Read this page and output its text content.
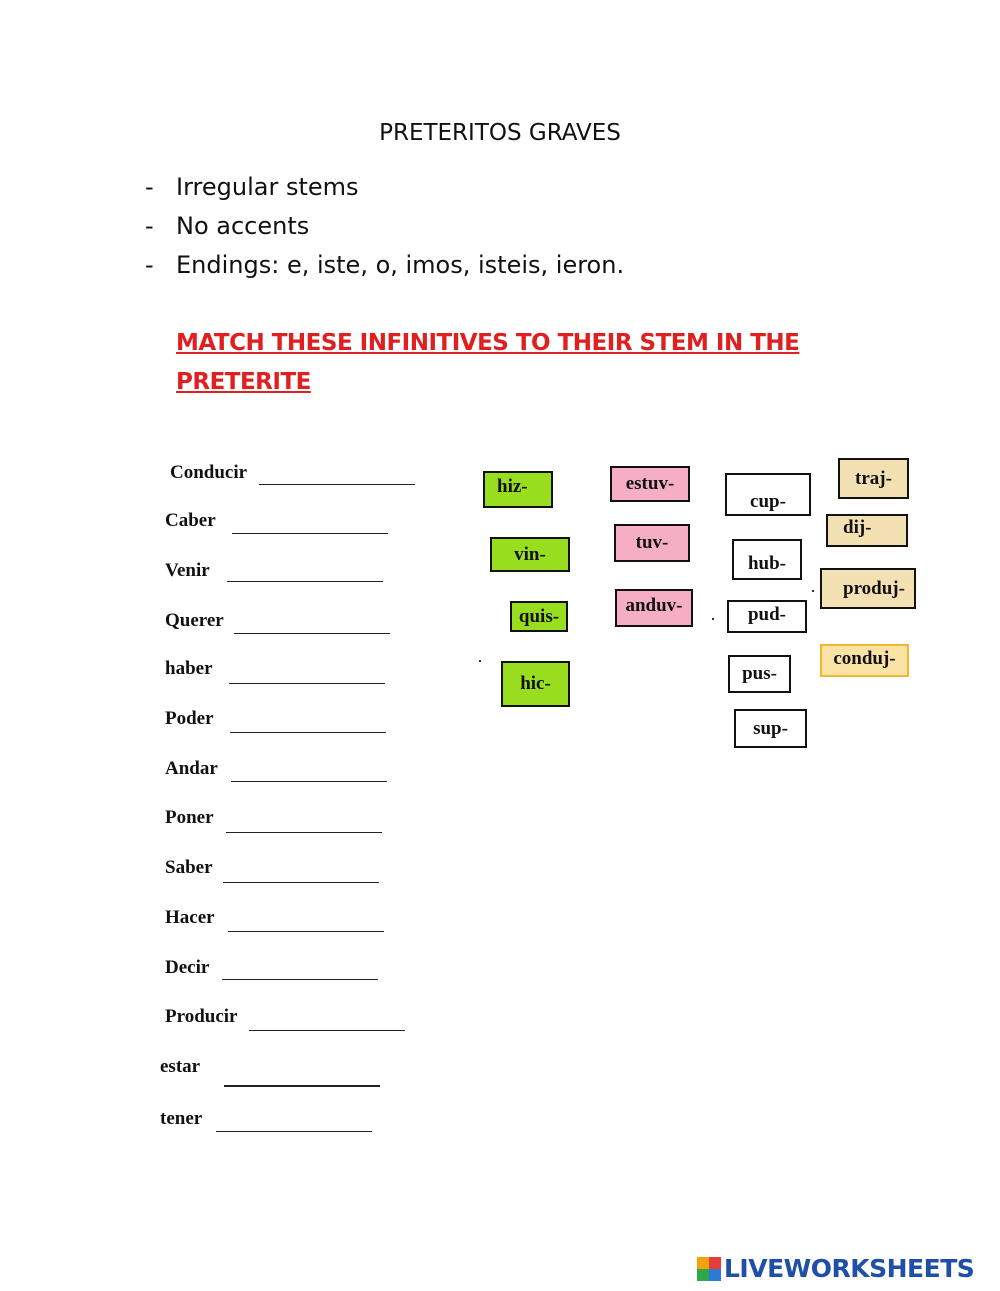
PRETERITOS GRAVES
- Irregular stems
- No accents
- Endings: e, iste, o, imos, isteis, ieron.
MATCH THESE INFINITIVES TO THEIR STEM IN THE
PRETERITE
Conducir
Caber
Venir
Querer
haber
Poder
Andar
Poner
Saber
Hacer
Decir
Producir
estar
tener
hiz-
vin-
quis-
hic-
estuv-
tuv-
anduv-
cup-
hub-
pud-
pus-
sup-
traj-
dij-
produj-
conduj-
LIVEWORKSHEETS
